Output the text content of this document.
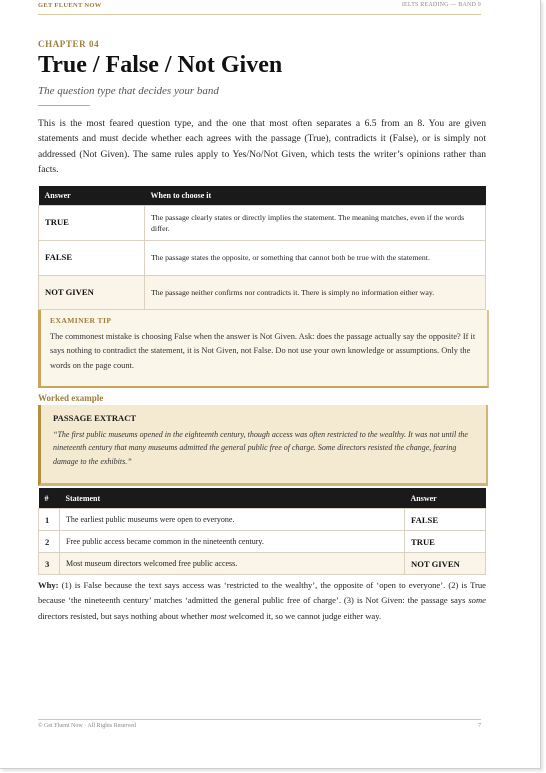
GET FLUENT NOW	IELTS READING — BAND 9
CHAPTER 04
True / False / Not Given
The question type that decides your band

This is the most feared question type, and the one that most often separates a 6.5 from an 8. You are given statements and must decide whether each agrees with the passage (True), contradicts it (False), or is simply not addressed (Not Given). The same rules apply to Yes/No/Not Given, which tests the writer’s opinions rather than facts.

Answer	When to choose it
TRUE	The passage clearly states or directly implies the statement. The meaning matches, even if the words differ.
FALSE	The passage states the opposite, or something that cannot both be true with the statement.
NOT GIVEN	The passage neither confirms nor contradicts it. There is simply no information either way.
EXAMINER TIP
The commonest mistake is choosing False when the answer is Not Given. Ask: does the passage actually say the opposite? If it says nothing to contradict the statement, it is Not Given, not False. Do not use your own knowledge or assumptions. Only the words on the page count.
Worked example
PASSAGE EXTRACT
“The first public museums opened in the eighteenth century, though access was often restricted to the wealthy. It was not until the nineteenth century that many museums admitted the general public free of charge. Some directors resisted the change, fearing damage to the exhibits.”
#	Statement	Answer
1	The earliest public museums were open to everyone.	FALSE
2	Free public access became common in the nineteenth century.	TRUE
3	Most museum directors welcomed free public access.	NOT GIVEN

Why: (1) is False because the text says access was ‘restricted to the wealthy’, the opposite of ‘open to everyone’. (2) is True because ‘the nineteenth century’ matches ‘admitted the general public free of charge’. (3) is Not Given: the passage says some directors resisted, but says nothing about whether most welcomed it, so we cannot judge either way.

© Get Fluent Now · All Rights Reserved	7
